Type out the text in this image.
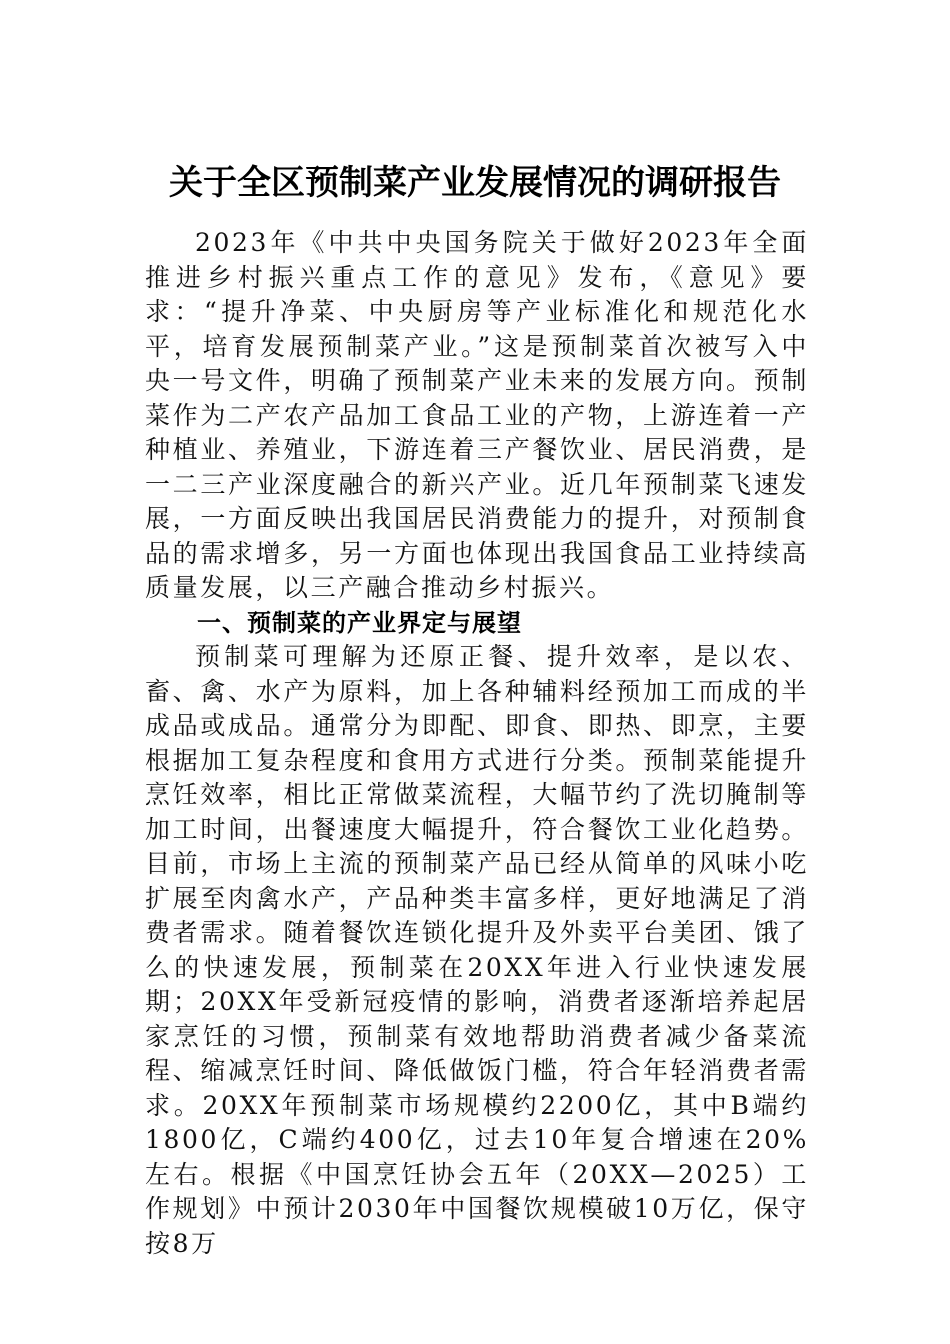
关于全区预制菜产业发展情况的调研报告

2023年《中共中央国务院关于做好2023年全面推进乡村振兴重点工作的意见》发布，《意见》要求：“提升净菜、中央厨房等产业标准化和规范化水平，培育发展预制菜产业。”这是预制菜首次被写入中央一号文件，明确了预制菜产业未来的发展方向。预制菜作为二产农产品加工食品工业的产物，上游连着一产种植业、养殖业，下游连着三产餐饮业、居民消费，是一二三产业深度融合的新兴产业。近几年预制菜飞速发展，一方面反映出我国居民消费能力的提升，对预制食品的需求增多，另一方面也体现出我国食品工业持续高质量发展，以三产融合推动乡村振兴。

一、预制菜的产业界定与展望

预制菜可理解为还原正餐、提升效率，是以农、畜、禽、水产为原料，加上各种辅料经预加工而成的半成品或成品。通常分为即配、即食、即热、即烹，主要根据加工复杂程度和食用方式进行分类。预制菜能提升烹饪效率，相比正常做菜流程，大幅节约了洗切腌制等加工时间，出餐速度大幅提升，符合餐饮工业化趋势。目前，市场上主流的预制菜产品已经从简单的风味小吃扩展至肉禽水产，产品种类丰富多样，更好地满足了消费者需求。随着餐饮连锁化提升及外卖平台美团、饿了么的快速发展，预制菜在20XX年进入行业快速发展期；20XX年受新冠疫情的影响，消费者逐渐培养起居家烹饪的习惯，预制菜有效地帮助消费者减少备菜流程、缩减烹饪时间、降低做饭门槛，符合年轻消费者需求。20XX年预制菜市场规模约2200亿，其中B端约1800亿，C端约400亿，过去10年复合增速在20%左右。根据《中国烹饪协会五年（20XX—2025）工作规划》中预计2030年中国餐饮规模破10万亿，保守按8万
